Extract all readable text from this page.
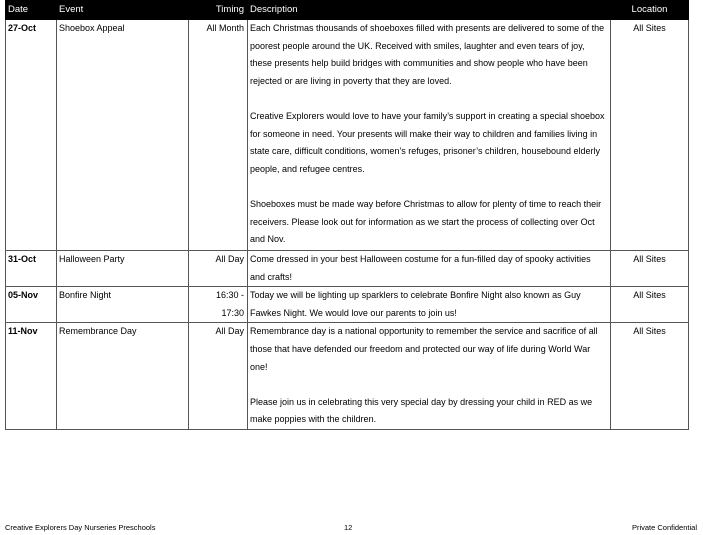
Date	Event	Timing	Description	Location
27-Oct	Shoebox Appeal	All Month	Each Christmas thousands of shoeboxes filled with presents are delivered to some of the poorest people around the UK. Received with smiles, laughter and even tears of joy, these presents help build bridges with communities and show people who have been rejected or are living in poverty that they are loved.

Creative Explorers would love to have your family’s support in creating a special shoebox for someone in need. Your presents will make their way to children and families living in state care, difficult conditions, women’s refuges, prisoner’s children, housebound elderly people, and refugee centres.

Shoeboxes must be made way before Christmas to allow for plenty of time to reach their receivers. Please look out for information as we start the process of collecting over Oct and Nov.	All Sites
31-Oct	Halloween Party	All Day	Come dressed in your best Halloween costume for a fun-filled day of spooky activities and crafts!	All Sites
05-Nov	Bonfire Night	16:30 - 17:30	Today we will be lighting up sparklers to celebrate Bonfire Night also known as Guy Fawkes Night. We would love our parents to join us!	All Sites
11-Nov	Remembrance Day	All Day	Remembrance day is a national opportunity to remember the service and sacrifice of all those that have defended our freedom and protected our way of life during World War one!

Please join us in celebrating this very special day by dressing your child in RED as we make poppies with the children.	All Sites
Creative Explorers Day Nurseries Preschools	12	Private Confidential
